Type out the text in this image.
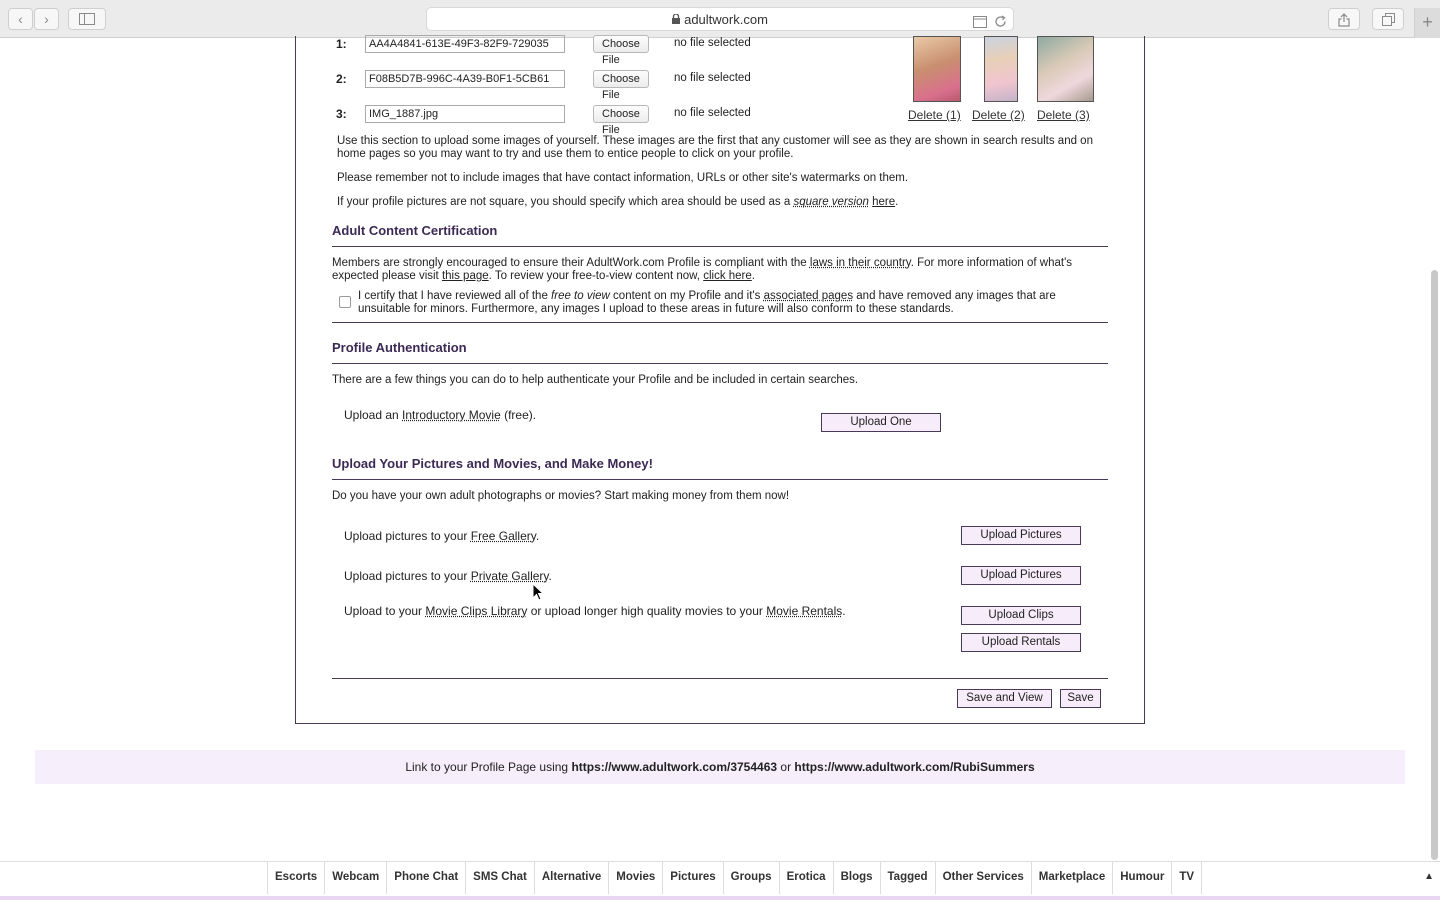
‹	›	adultwork.com	+
1:	AA4A4841-613E-49F3-82F9-729035	Choose File
no file selected
2:	F08B5D7B-996C-4A39-B0F1-5CB61	Choose File
no file selected
3:	IMG_1887.jpg	Choose File
no file selected	Delete (1) Delete (2) Delete (3)

Use this section to upload some images of yourself. These images are the first that any customer will see as they are shown in search results and on home pages so you may want to try and use them to entice people to click on your profile.

Please remember not to include images that have contact information, URLs or other site's watermarks on them.

If your profile pictures are not square, you should specify which area should be used as a square version here.

Adult Content Certification

Members are strongly encouraged to ensure their AdultWork.com Profile is compliant with the laws in their country. For more information of what's expected please visit this page. To review your free-to-view content now, click here.

I certify that I have reviewed all of the free to view content on my Profile and it's associated pages and have removed any images that are unsuitable for minors. Furthermore, any images I upload to these areas in future will also conform to these standards.

Profile Authentication

There are a few things you can do to help authenticate your Profile and be included in certain searches.

Upload an Introductory Movie (free).	Upload One
Upload Your Pictures and Movies, and Make Money!

Do you have your own adult photographs or movies? Start making money from them now!

Upload pictures to your Free Gallery.	Upload Pictures

Upload pictures to your Private Gallery.	Upload Pictures

Upload to your Movie Clips Library or upload longer high quality movies to your Movie Rentals.	Upload Clips
Upload Rentals
Save and View	Save
Link to your Profile Page using https://www.adultwork.com/3754463 or https://www.adultwork.com/RubiSummers
Escorts	Webcam	Phone Chat	SMS Chat	Alternative	Movies	Pictures	Groups	Erotica	Blogs	Tagged	Other Services	Marketplace	Humour	TV	▲
